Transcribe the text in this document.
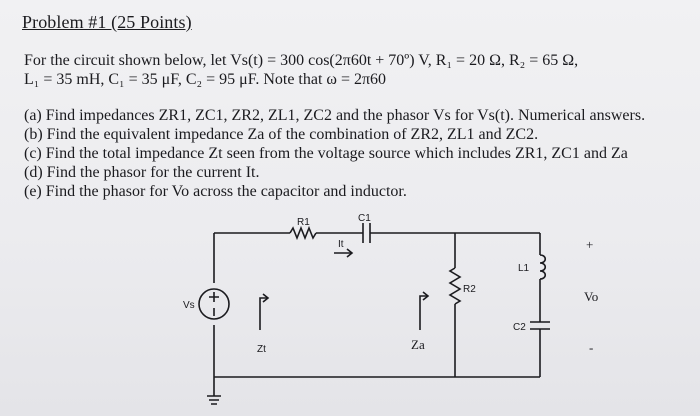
Problem #1 (25 Points)
For the circuit shown below, let Vs(t) = 300 cos(2π60t + 70º) V, R₁ = 20 Ω, R₂ = 65 Ω,
L₁ = 35 mH, C₁ = 35 μF, C₂ = 95 μF. Note that ω = 2π60
(a) Find impedances ZR1, ZC1, ZR2, ZL1, ZC2 and the phasor Vs for Vs(t). Numerical answers.
(b) Find the equivalent impedance Za of the combination of ZR2, ZL1 and ZC2.
(c) Find the total impedance Zt seen from the voltage source which includes ZR1, ZC1 and Za
(d) Find the phasor for the current It.
(e) Find the phasor for Vo across the capacitor and inductor.
R1	C1
It
R2
L1
C2
Vs
Zt	Za
Vo
+
-
